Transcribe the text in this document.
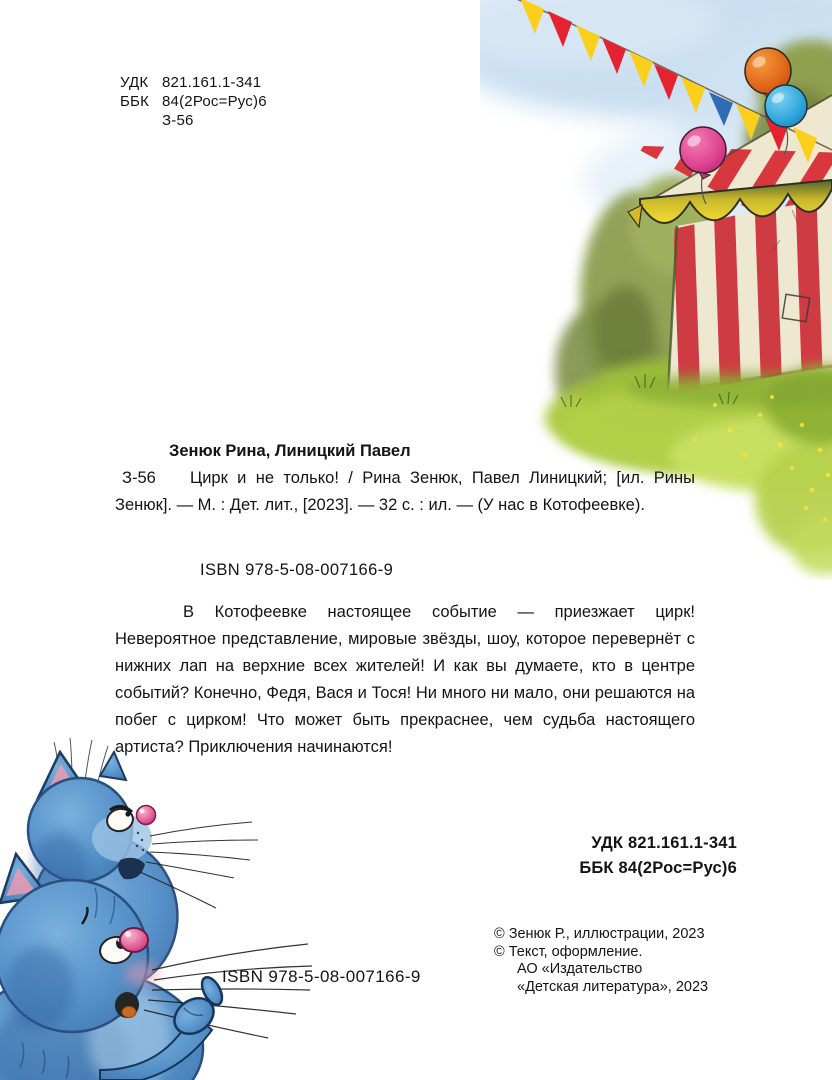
УДК 821.161.1-341
ББК 84(2Рос=Рус)6
З-56
З-56
Зенюк Рина, Линицкий Павел
Цирк и не только! / Рина Зенюк, Павел Линицкий; [ил. Рины Зенюк]. — М. : Дет. лит., [2023]. — 32 с. : ил. — (У нас в Котофеевке).
ISBN 978-5-08-007166-9
В Котофеевке настоящее событие — приезжает цирк! Невероятное представление, мировые звёзды, шоу, которое перевернёт с нижних лап на верхние всех жителей! И как вы думаете, кто в центре событий? Конечно, Федя, Вася и Тося! Ни много ни мало, они решаются на побег с цирком! Что может быть прекраснее, чем судьба настоящего артиста? Приключения начинаются!
УДК 821.161.1-341
ББК 84(2Рос=Рус)6
© Зенюк Р., иллюстрации, 2023
© Текст, оформление.
АО «Издательство
«Детская литература», 2023
ISBN 978-5-08-007166-9
